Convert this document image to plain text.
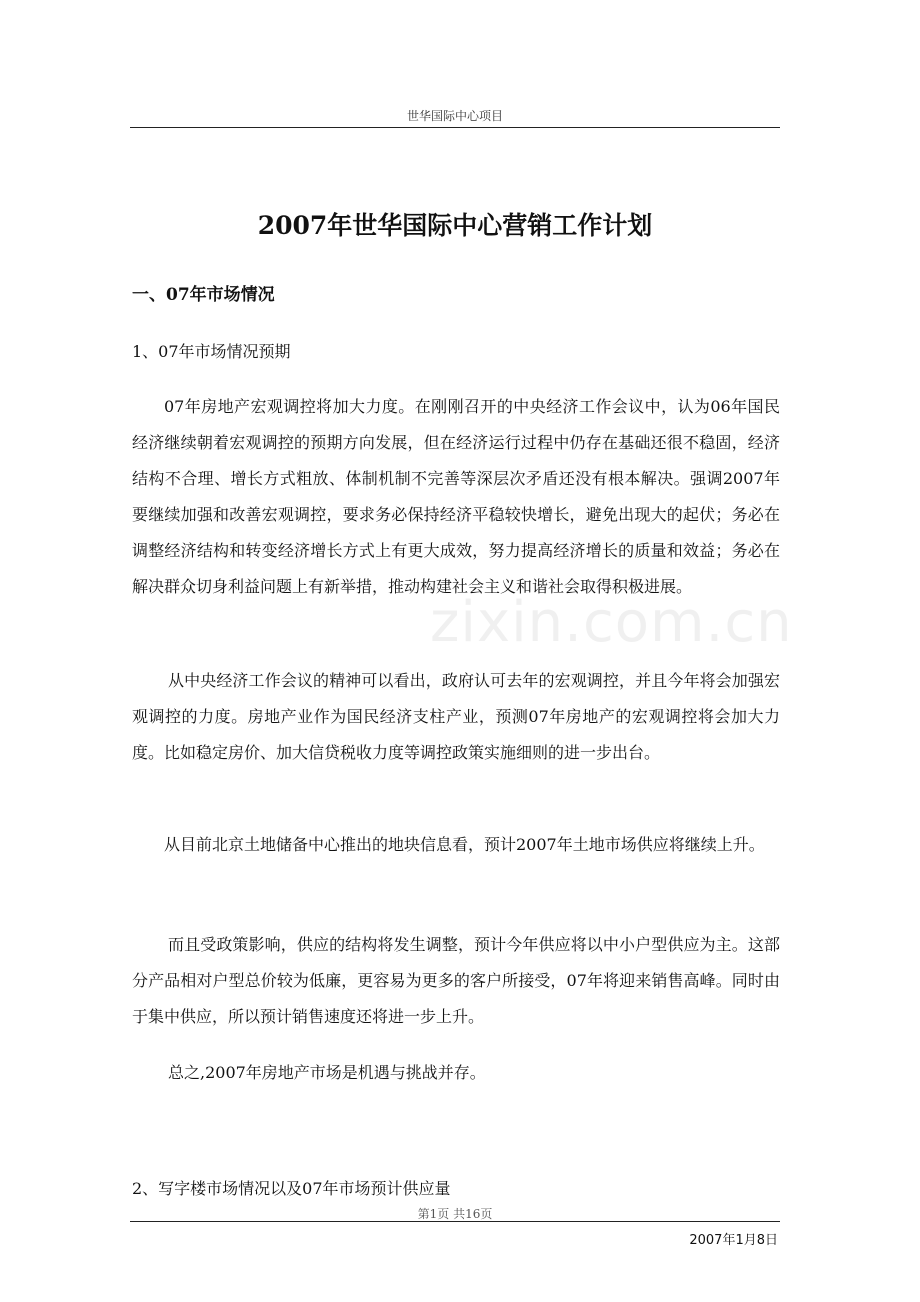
世华国际中心项目
zixin.com.cn
2007年世华国际中心营销工作计划
一、07年市场情况

1、07年市场情况预期

07年房地产宏观调控将加大力度。在刚刚召开的中央经济工作会议中，认为06年国民经济继续朝着宏观调控的预期方向发展，但在经济运行过程中仍存在基础还很不稳固，经济结构不合理、增长方式粗放、体制机制不完善等深层次矛盾还没有根本解决。强调2007年要继续加强和改善宏观调控，要求务必保持经济平稳较快增长，避免出现大的起伏；务必在调整经济结构和转变经济增长方式上有更大成效，努力提高经济增长的质量和效益；务必在解决群众切身利益问题上有新举措，推动构建社会主义和谐社会取得积极进展。

从中央经济工作会议的精神可以看出，政府认可去年的宏观调控，并且今年将会加强宏观调控的力度。房地产业作为国民经济支柱产业，预测07年房地产的宏观调控将会加大力度。比如稳定房价、加大信贷税收力度等调控政策实施细则的进一步出台。

从目前北京土地储备中心推出的地块信息看，预计2007年土地市场供应将继续上升。

而且受政策影响，供应的结构将发生调整，预计今年供应将以中小户型供应为主。这部分产品相对户型总价较为低廉，更容易为更多的客户所接受，07年将迎来销售高峰。同时由于集中供应，所以预计销售速度还将进一步上升。

总之,2007年房地产市场是机遇与挑战并存。

2、写字楼市场情况以及07年市场预计供应量

第1页 共16页
2007年1月8日
